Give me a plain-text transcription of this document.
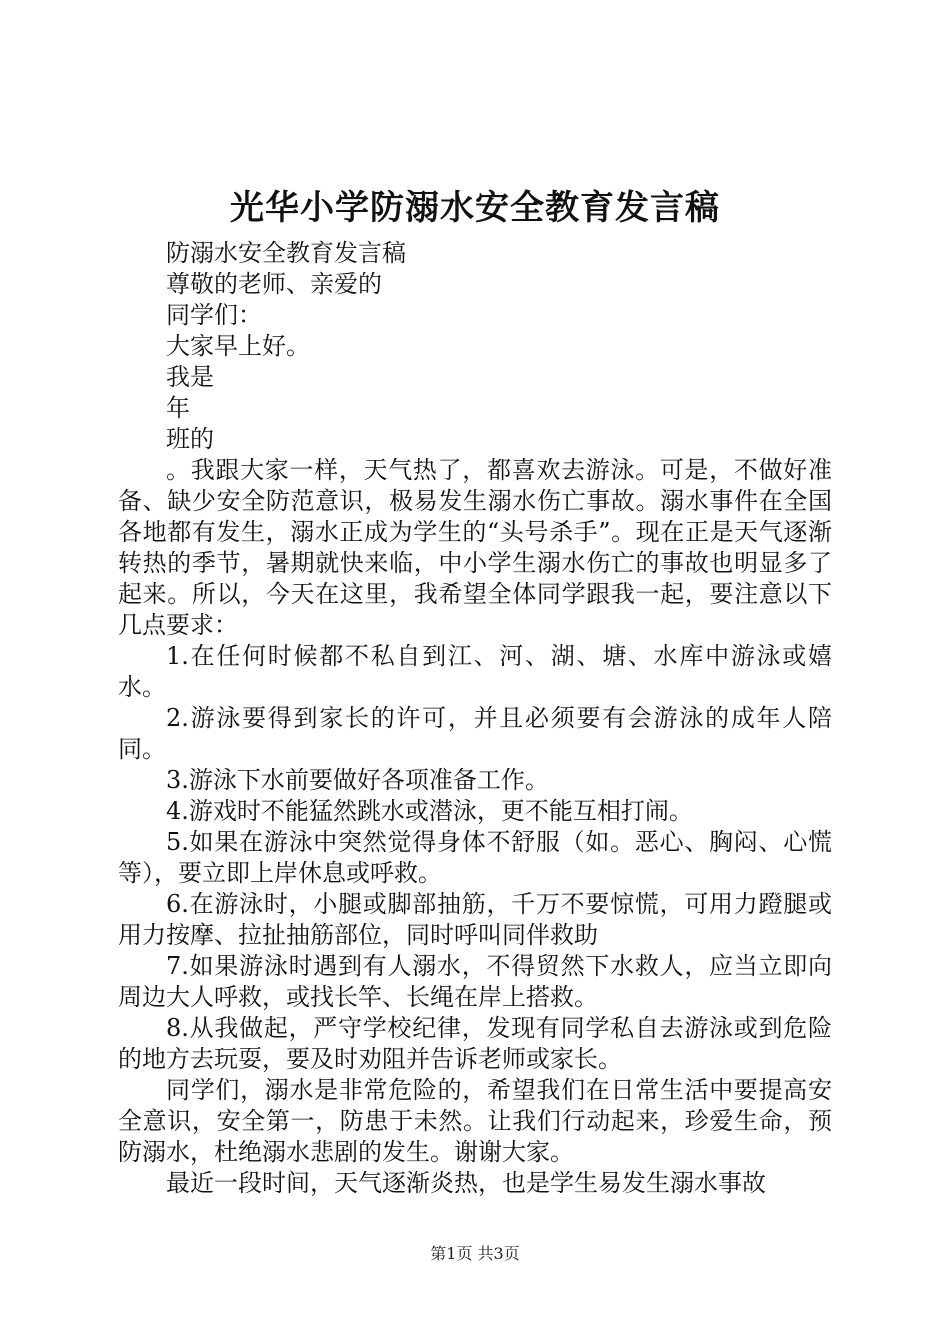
光华小学防溺水安全教育发言稿

防溺水安全教育发言稿

尊敬的老师、亲爱的

同学们：

大家早上好。

我是

年

班的

。我跟大家一样，天气热了，都喜欢去游泳。可是，不做好准备、缺少安全防范意识，极易发生溺水伤亡事故。溺水事件在全国各地都有发生，溺水正成为学生的“头号杀手”。现在正是天气逐渐转热的季节，暑期就快来临，中小学生溺水伤亡的事故也明显多了起来。所以，今天在这里，我希望全体同学跟我一起，要注意以下几点要求：

1.在任何时候都不私自到江、河、湖、塘、水库中游泳或嬉水。

2.游泳要得到家长的许可，并且必须要有会游泳的成年人陪同。

3.游泳下水前要做好各项准备工作。

4.游戏时不能猛然跳水或潜泳，更不能互相打闹。

5.如果在游泳中突然觉得身体不舒服（如。恶心、胸闷、心慌等），要立即上岸休息或呼救。

6.在游泳时，小腿或脚部抽筋，千万不要惊慌，可用力蹬腿或用力按摩、拉扯抽筋部位，同时呼叫同伴救助

7.如果游泳时遇到有人溺水，不得贸然下水救人，应当立即向周边大人呼救，或找长竿、长绳在岸上搭救。

8.从我做起，严守学校纪律，发现有同学私自去游泳或到危险的地方去玩耍，要及时劝阻并告诉老师或家长。

同学们，溺水是非常危险的，希望我们在日常生活中要提高安全意识，安全第一，防患于未然。让我们行动起来，珍爱生命，预防溺水，杜绝溺水悲剧的发生。谢谢大家。

最近一段时间，天气逐渐炎热，也是学生易发生溺水事故

第1页 共3页
